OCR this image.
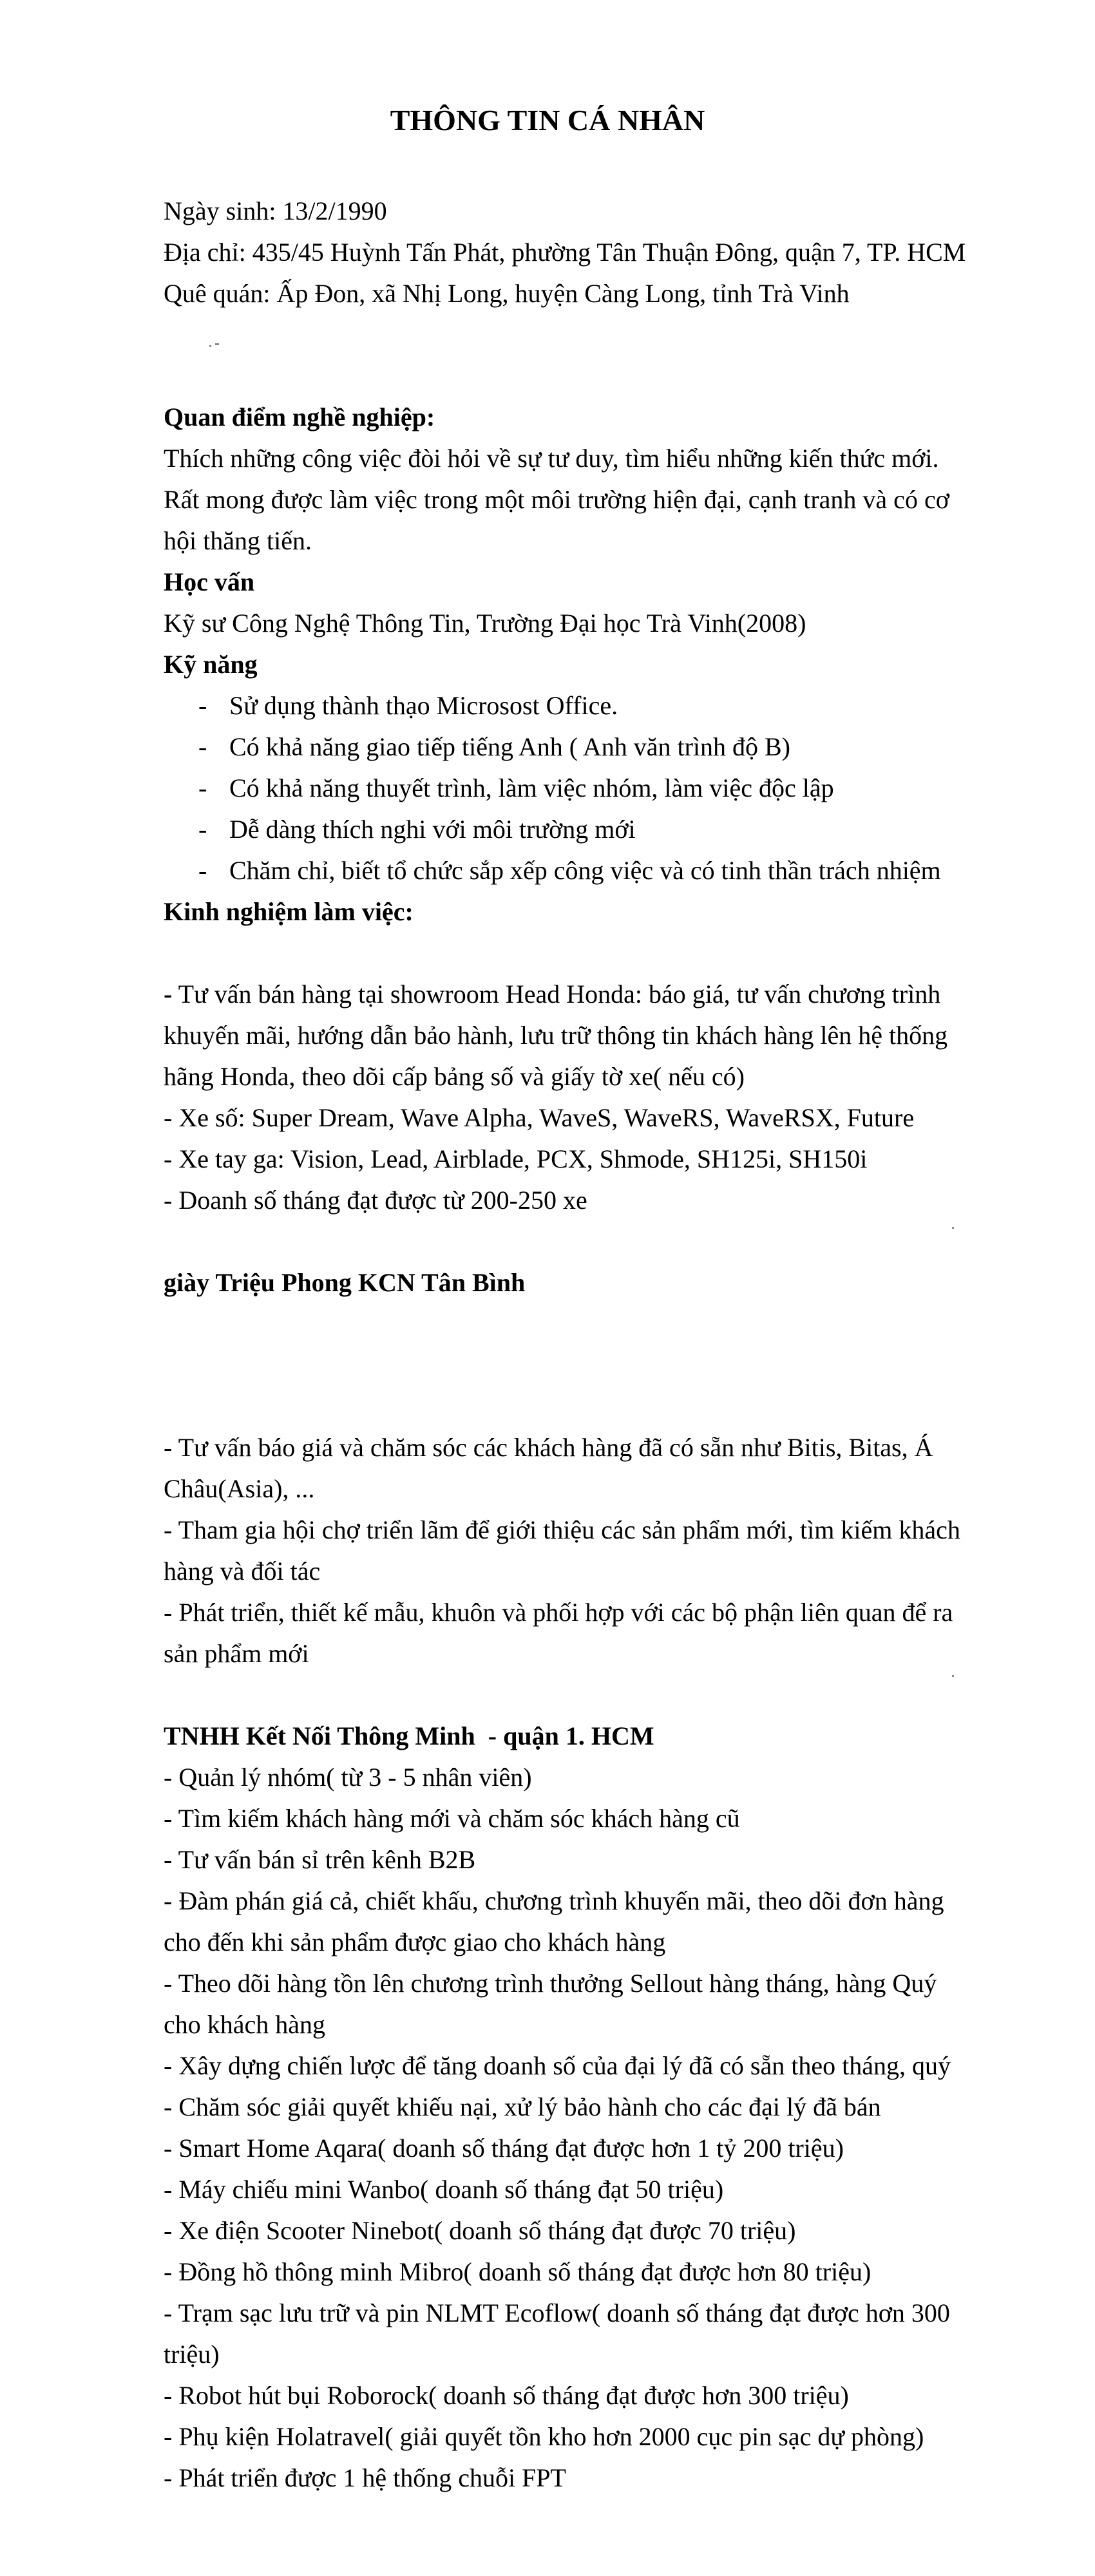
THÔNG TIN CÁ NHÂN
Ngày sinh: 13/2/1990
Địa chỉ: 435/45 Huỳnh Tấn Phát, phường Tân Thuận Đông, quận 7, TP. HCM
Quê quán: Ấp Đon, xã Nhị Long, huyện Càng Long, tỉnh Trà Vinh
Quan điểm nghề nghiệp:
Thích những công việc đòi hỏi về sự tư duy, tìm hiểu những kiến thức mới.
Rất mong được làm việc trong một môi trường hiện đại, cạnh tranh và có cơ
hội thăng tiến.
Học vấn
Kỹ sư Công Nghệ Thông Tin, Trường Đại học Trà Vinh(2008)
Kỹ năng
- Sử dụng thành thạo Microsost Office.
- Có khả năng giao tiếp tiếng Anh ( Anh văn trình độ B)
- Có khả năng thuyết trình, làm việc nhóm, làm việc độc lập
- Dễ dàng thích nghi với môi trường mới
- Chăm chỉ, biết tổ chức sắp xếp công việc và có tinh thần trách nhiệm
Kinh nghiệm làm việc:
- Tư vấn bán hàng tại showroom Head Honda: báo giá, tư vấn chương trình
khuyến mãi, hướng dẫn bảo hành, lưu trữ thông tin khách hàng lên hệ thống
hãng Honda, theo dõi cấp bảng số và giấy tờ xe( nếu có)
- Xe số: Super Dream, Wave Alpha, WaveS, WaveRS, WaveRSX, Future
- Xe tay ga: Vision, Lead, Airblade, PCX, Shmode, SH125i, SH150i
- Doanh số tháng đạt được từ 200-250 xe
giày Triệu Phong KCN Tân Bình
- Tư vấn báo giá và chăm sóc các khách hàng đã có sẵn như Bitis, Bitas, Á
Châu(Asia), ...
- Tham gia hội chợ triển lãm để giới thiệu các sản phẩm mới, tìm kiếm khách
hàng và đối tác
- Phát triển, thiết kế mẫu, khuôn và phối hợp với các bộ phận liên quan để ra
sản phẩm mới
TNHH Kết Nối Thông Minh  - quận 1. HCM
- Quản lý nhóm( từ 3 - 5 nhân viên)
- Tìm kiếm khách hàng mới và chăm sóc khách hàng cũ
- Tư vấn bán sỉ trên kênh B2B
- Đàm phán giá cả, chiết khấu, chương trình khuyến mãi, theo dõi đơn hàng
cho đến khi sản phẩm được giao cho khách hàng
- Theo dõi hàng tồn lên chương trình thưởng Sellout hàng tháng, hàng Quý
cho khách hàng
- Xây dựng chiến lược để tăng doanh số của đại lý đã có sẵn theo tháng, quý
- Chăm sóc giải quyết khiếu nại, xử lý bảo hành cho các đại lý đã bán
- Smart Home Aqara( doanh số tháng đạt được hơn 1 tỷ 200 triệu)
- Máy chiếu mini Wanbo( doanh số tháng đạt 50 triệu)
- Xe điện Scooter Ninebot( doanh số tháng đạt được 70 triệu)
- Đồng hồ thông minh Mibro( doanh số tháng đạt được hơn 80 triệu)
- Trạm sạc lưu trữ và pin NLMT Ecoflow( doanh số tháng đạt được hơn 300
triệu)
- Robot hút bụi Roborock( doanh số tháng đạt được hơn 300 triệu)
- Phụ kiện Holatravel( giải quyết tồn kho hơn 2000 cục pin sạc dự phòng)
- Phát triển được 1 hệ thống chuỗi FPT
